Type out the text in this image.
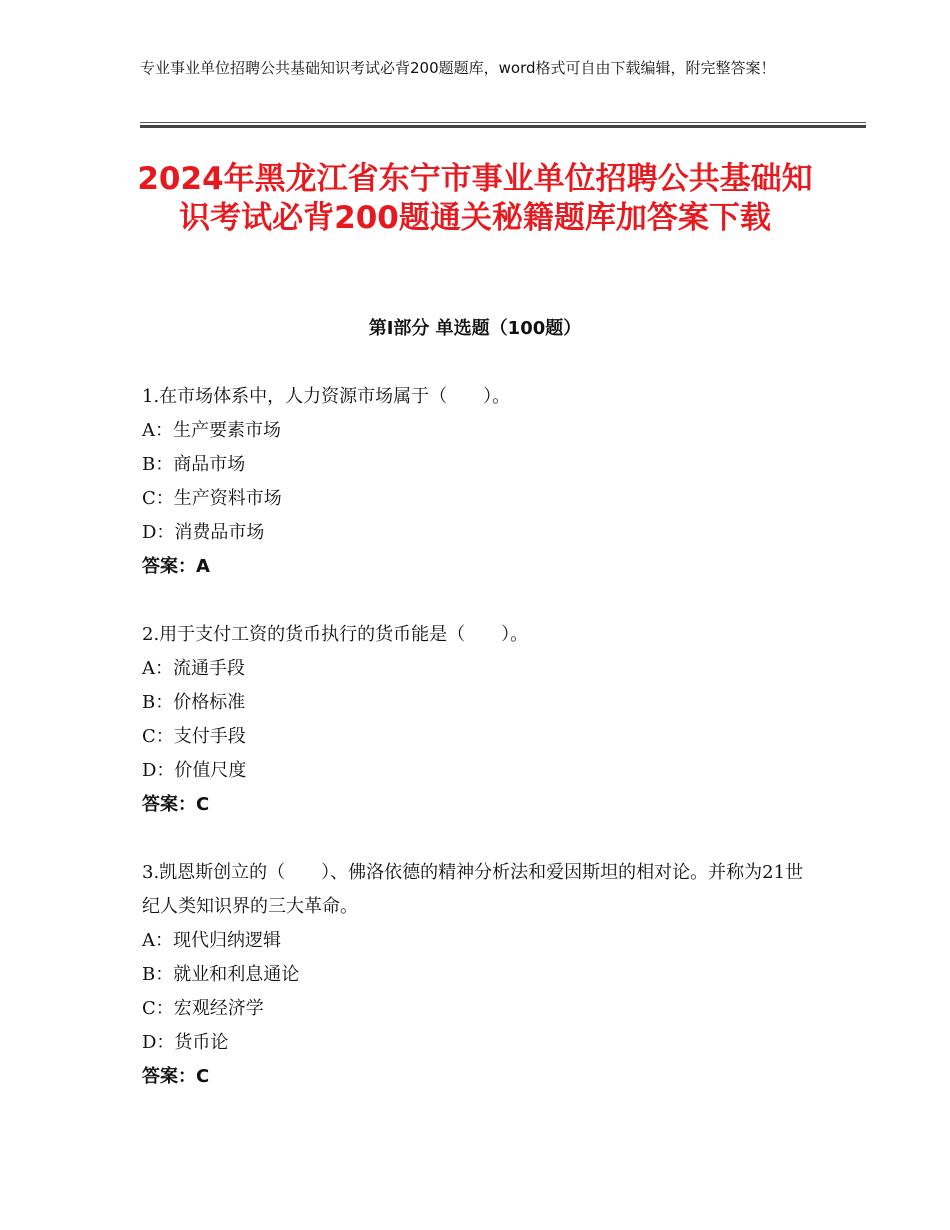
专业事业单位招聘公共基础知识考试必背200题题库，word格式可自由下载编辑，附完整答案！
2024年黑龙江省东宁市事业单位招聘公共基础知识考试必背200题通关秘籍题库加答案下载
第Ⅰ部分 单选题（100题）
1.在市场体系中，人力资源市场属于（　　）。
A：生产要素市场
B：商品市场
C：生产资料市场
D：消费品市场
答案：A
2.用于支付工资的货币执行的货币能是（　　）。
A：流通手段
B：价格标准
C：支付手段
D：价值尺度
答案：C
3.凯恩斯创立的（　　）、佛洛依德的精神分析法和爱因斯坦的相对论。并称为21世纪人类知识界的三大革命。
A：现代归纳逻辑
B：就业和利息通论
C：宏观经济学
D：货币论
答案：C
